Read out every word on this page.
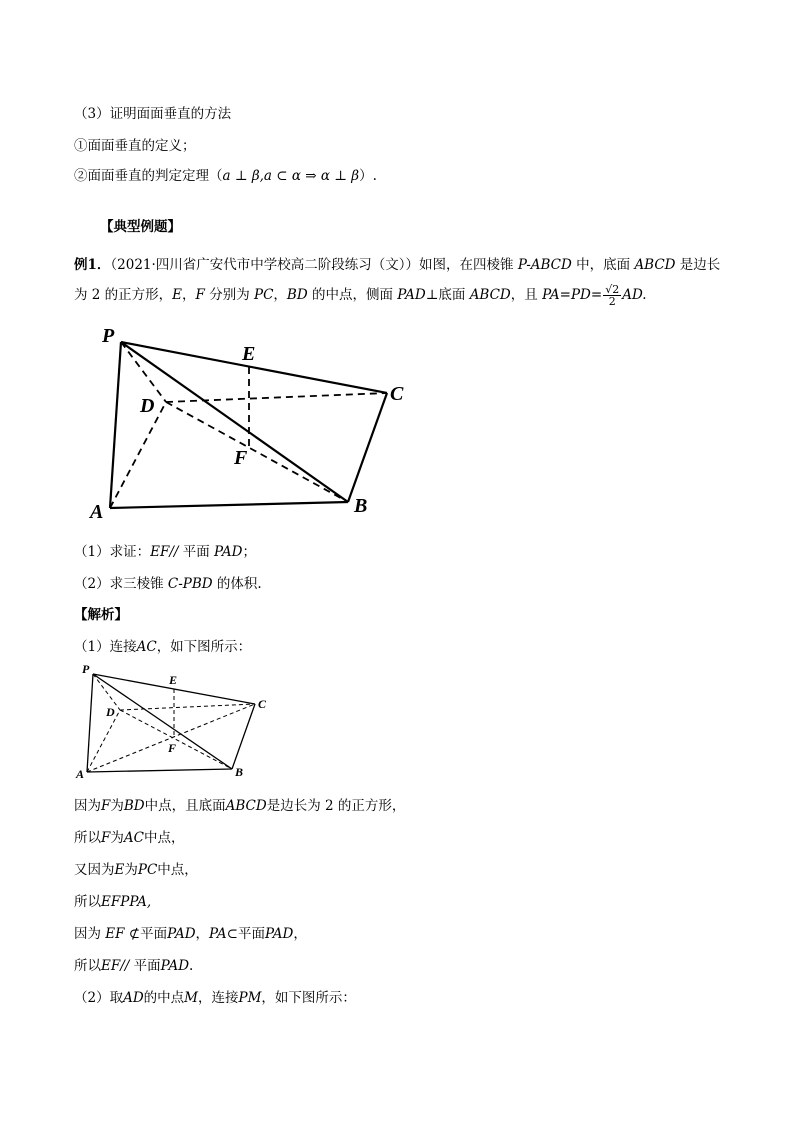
（3）证明面面垂直的方法
①面面垂直的定义；
②面面垂直的判定定理（a ⊥ β,a ⊂ α ⇒ α ⊥ β）.
【典型例题】
例1．（2021·四川省广安代市中学校高二阶段练习（文））如图，在四棱锥 P-ABCD 中，底面 ABCD 是边长
为 2 的正方形，E，F 分别为 PC，BD 的中点，侧面 PAD⊥底面 ABCD，且 $PA=PD= \frac{√2}{2}$ AD.
P
E
C
D
F
A	B
（1）求证：EF// 平面 PAD；
（2）求三棱锥 C-PBD 的体积.
【解析】
（1）连接AC，如下图所示：
P
E
C
D
F
A	B
因为F为BD中点，且底面ABCD是边长为 2 的正方形，
所以F为AC中点，
又因为E为PC中点，
所以EFPPA,
因为 EF ⊄平面PAD，PA⊂平面PAD，
所以EF// 平面PAD.
（2）取AD的中点M，连接PM，如下图所示：
